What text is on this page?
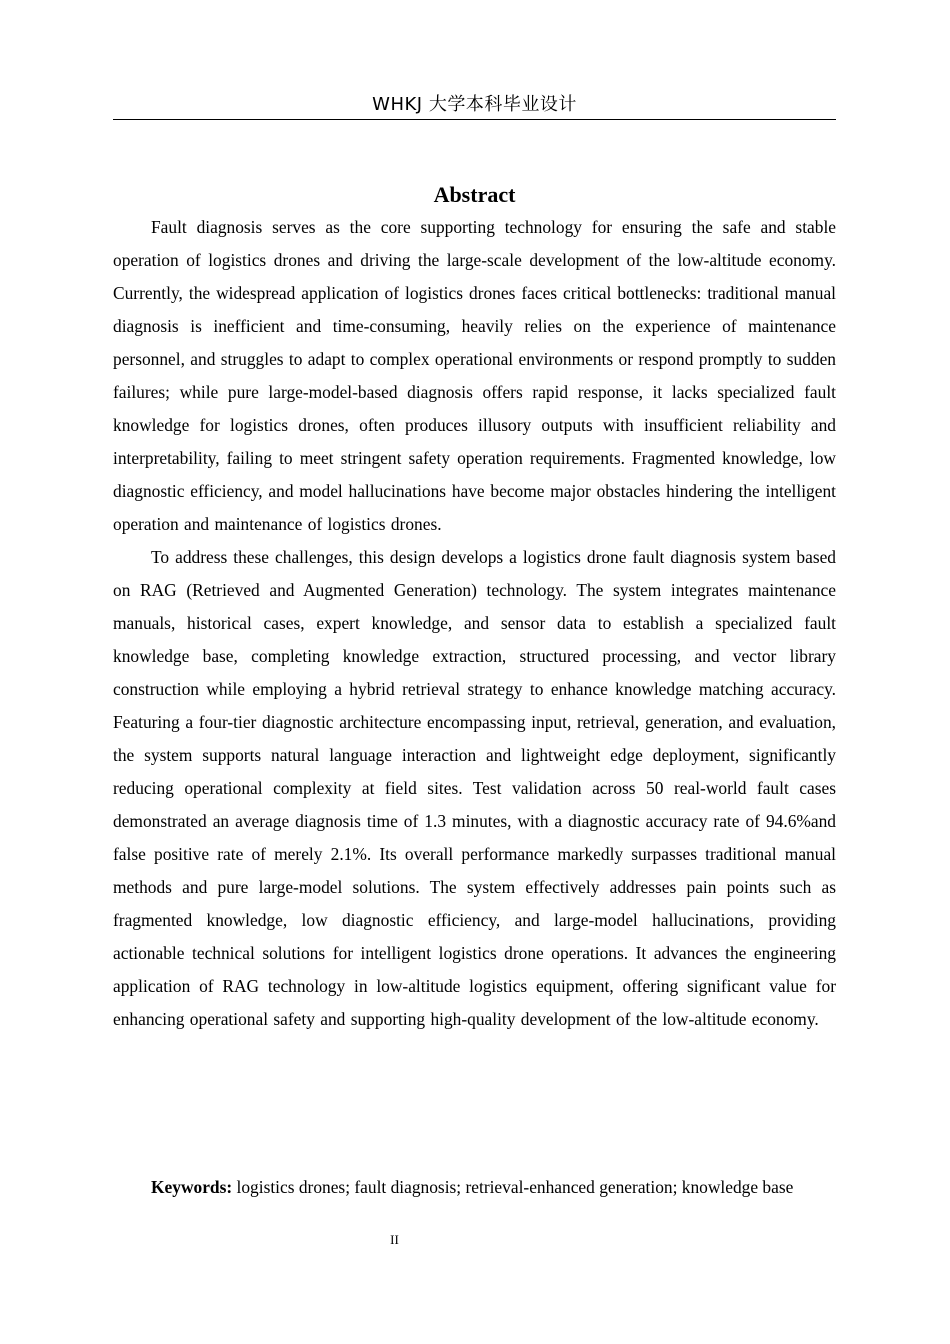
WHKJ 大学本科毕业设计
Abstract

Fault diagnosis serves as the core supporting technology for ensuring the safe and stable operation of logistics drones and driving the large-scale development of the low-altitude economy. Currently, the widespread application of logistics drones faces critical bottlenecks: traditional manual diagnosis is inefficient and time-consuming, heavily relies on the experience of maintenance personnel, and struggles to adapt to complex operational environments or respond promptly to sudden failures; while pure large-model-based diagnosis offers rapid response, it lacks specialized fault knowledge for logistics drones, often produces illusory outputs with insufficient reliability and interpretability, failing to meet stringent safety operation requirements. Fragmented knowledge, low diagnostic efficiency, and model hallucinations have become major obstacles hindering the intelligent operation and maintenance of logistics drones.

To address these challenges, this design develops a logistics drone fault diagnosis system based on RAG (Retrieved and Augmented Generation) technology. The system integrates maintenance manuals, historical cases, expert knowledge, and sensor data to establish a specialized fault knowledge base, completing knowledge extraction, structured processing, and vector library construction while employing a hybrid retrieval strategy to enhance knowledge matching accuracy. Featuring a four-tier diagnostic architecture encompassing input, retrieval, generation, and evaluation, the system supports natural language interaction and lightweight edge deployment, significantly reducing operational complexity at field sites. Test validation across 50 real-world fault cases demonstrated an average diagnosis time of 1.3 minutes, with a diagnostic accuracy rate of 94.6%and false positive rate of merely 2.1%. Its overall performance markedly surpasses traditional manual methods and pure large-model solutions. The system effectively addresses pain points such as fragmented knowledge, low diagnostic efficiency, and large-model hallucinations, providing actionable technical solutions for intelligent logistics drone operations. It advances the engineering application of RAG technology in low-altitude logistics equipment, offering significant value for enhancing operational safety and supporting high-quality development of the low-altitude economy.

Keywords: logistics drones; fault diagnosis; retrieval-enhanced generation; knowledge base
II
